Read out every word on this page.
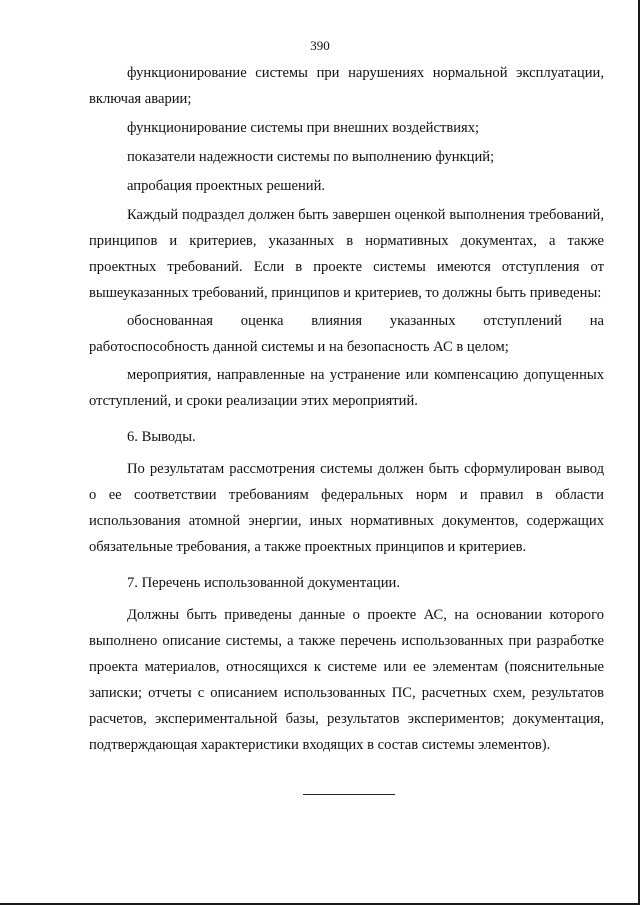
390

функционирование системы при нарушениях нормальной эксплуатации, включая аварии;

функционирование системы при внешних воздействиях;

показатели надежности системы по выполнению функций;

апробация проектных решений.

Каждый подраздел должен быть завершен оценкой выполнения требований, принципов и критериев, указанных в нормативных документах, а также проектных требований. Если в проекте системы имеются отступления от вышеуказанных требований, принципов и критериев, то должны быть приведены:

обоснованная оценка влияния указанных отступлений на работоспособность данной системы и на безопасность АС в целом;

мероприятия, направленные на устранение или компенсацию допущенных отступлений, и сроки реализации этих мероприятий.

6. Выводы.

По результатам рассмотрения системы должен быть сформулирован вывод о ее соответствии требованиям федеральных норм и правил в области использования атомной энергии, иных нормативных документов, содержащих обязательные требования, а также проектных принципов и критериев.

7. Перечень использованной документации.

Должны быть приведены данные о проекте АС, на основании которого выполнено описание системы, а также перечень использованных при разработке проекта материалов, относящихся к системе или ее элементам (пояснительные записки; отчеты с описанием использованных ПС, расчетных схем, результатов расчетов, экспериментальной базы, результатов экспериментов; документация, подтверждающая характеристики входящих в состав системы элементов).
